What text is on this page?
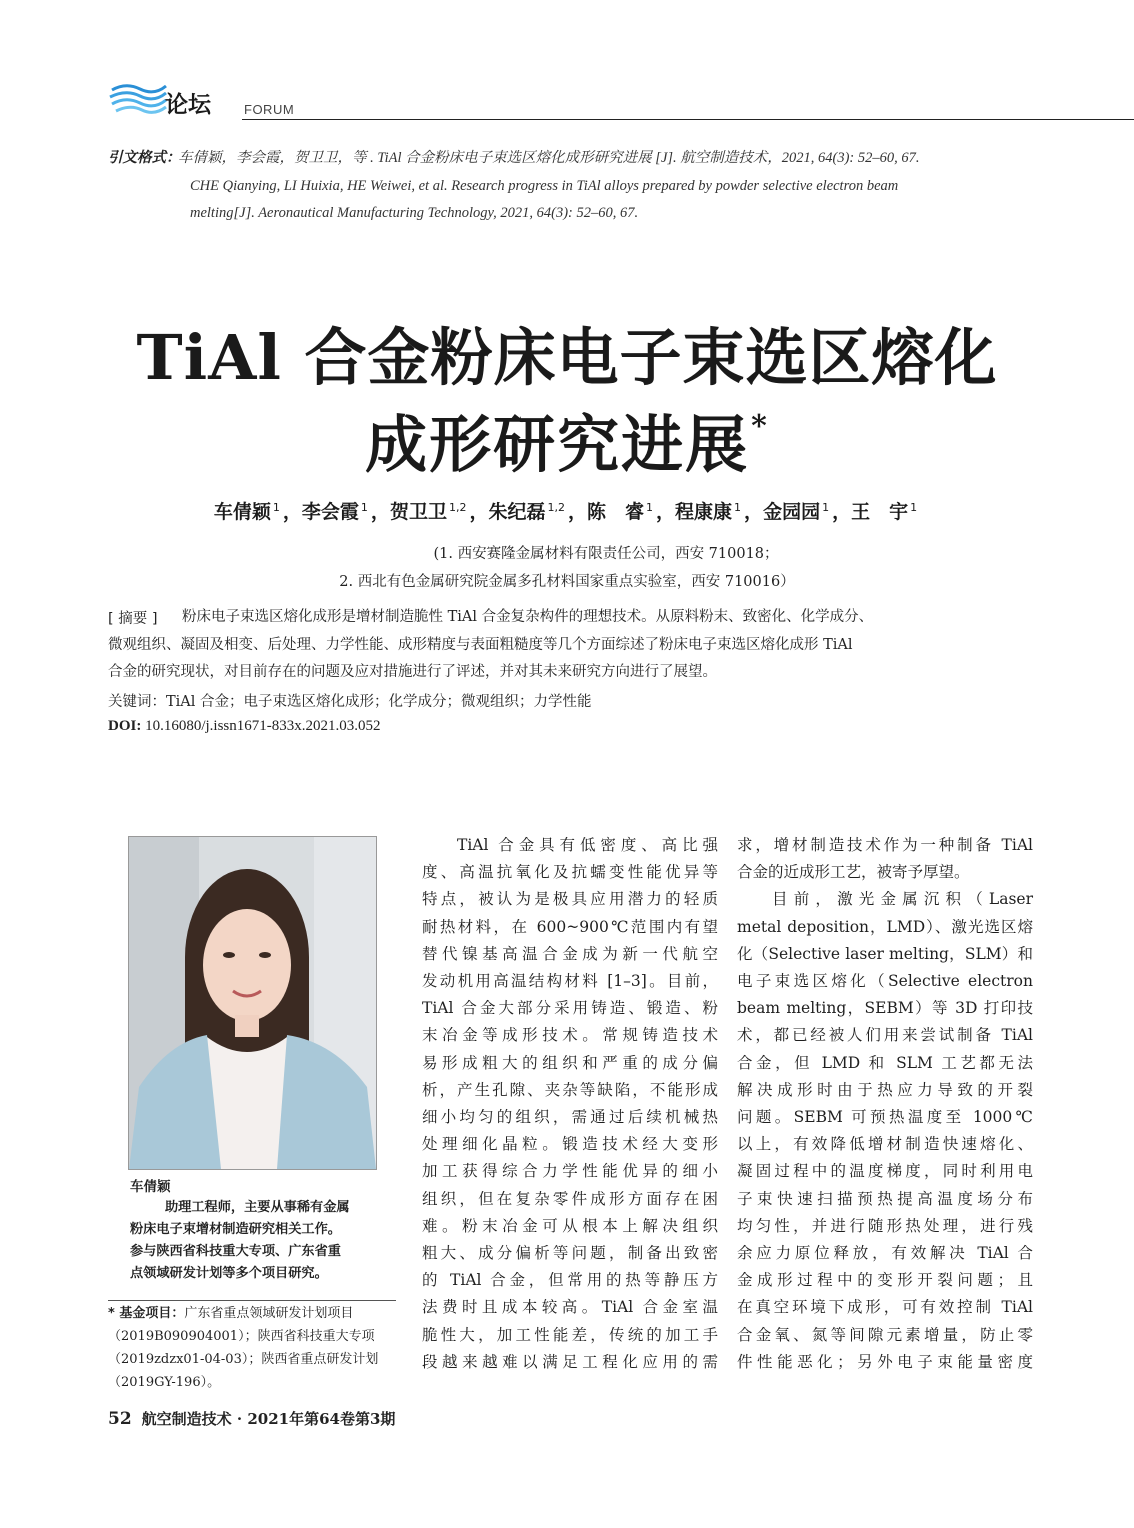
论坛	FORUM
引文格式：
车倩颖，李会霞，贺卫卫，等 . TiAl 合金粉床电子束选区熔化成形研究进展 [J]. 航空制造技术，2021, 64(3): 52–60, 67.
CHE Qianying, LI Huixia, HE Weiwei, et al. Research progress in TiAl alloys prepared by powder selective electron beam
melting[J]. Aeronautical Manufacturing Technology, 2021, 64(3): 52–60, 67.
TiAl 合金粉床电子束选区熔化
成形研究进展*
车倩颖 $^1$ ，李会霞 $^1$ ，贺卫卫 $^{1,2}$ ，朱纪磊 $^{1,2}$ ，陈　睿 $^1$ ，程康康 $^1$ ，金园园 $^1$ ，王　宇 $^1$
(1. 西安赛隆金属材料有限责任公司，西安 710018；
2. 西北有色金属研究院金属多孔材料国家重点实验室，西安 710016）
[ 摘要 ] 粉床电子束选区熔化成形是增材制造脆性 TiAl 合金复杂构件的理想技术。从原料粉末、致密化、化学成分、
微观组织、凝固及相变、后处理、力学性能、成形精度与表面粗糙度等几个方面综述了粉床电子束选区熔化成形 TiAl
合金的研究现状，对目前存在的问题及应对措施进行了评述，并对其未来研究方向进行了展望。
关键词：TiAl 合金；电子束选区熔化成形；化学成分；微观组织；力学性能
DOI: 10.16080/j.issn1671-833x.2021.03.052
车倩颖
助理工程师，主要从事稀有金属
粉床电子束增材制造研究相关工作。
参与陕西省科技重大专项、广东省重
点领域研发计划等多个项目研究。
* 基金项目：广东省重点领域研发计划项目
（2019B090904001）；陕西省科技重大专项
（2019zdzx01-04-03）；陕西省重点研发计划
（2019GY-196）。
TiAl 合金具有低密度、高比强
度、高温抗氧化及抗蠕变性能优异等
特点，被认为是极具应用潜力的轻质
耐热材料，在 600~900℃范围内有望
替代镍基高温合金成为新一代航空
发动机用高温结构材料 [1–3]。目前，
TiAl 合金大部分采用铸造、锻造、粉
末冶金等成形技术。常规铸造技术
易形成粗大的组织和严重的成分偏
析，产生孔隙、夹杂等缺陷，不能形成
细小均匀的组织，需通过后续机械热
处理细化晶粒。锻造技术经大变形
加工获得综合力学性能优异的细小
组织，但在复杂零件成形方面存在困
难。粉末冶金可从根本上解决组织
粗大、成分偏析等问题，制备出致密
的 TiAl 合金，但常用的热等静压方
法费时且成本较高。TiAl 合金室温
脆性大，加工性能差，传统的加工手
段越来越难以满足工程化应用的需
求，增材制造技术作为一种制备 TiAl
合金的近成形工艺，被寄予厚望。
目前，激光金属沉积（Laser
metal deposition，LMD）、激光选区熔
化（Selective laser melting，SLM）和
电子束选区熔化（Selective electron
beam melting，SEBM）等 3D 打印技
术，都已经被人们用来尝试制备 TiAl
合金，但 LMD 和 SLM 工艺都无法
解决成形时由于热应力导致的开裂
问题。SEBM 可预热温度至 1000℃
以上，有效降低增材制造快速熔化、
凝固过程中的温度梯度，同时利用电
子束快速扫描预热提高温度场分布
均匀性，并进行随形热处理，进行残
余应力原位释放，有效解决 TiAl 合
金成形过程中的变形开裂问题；且
在真空环境下成形，可有效控制 TiAl
合金氧、氮等间隙元素增量，防止零
件性能恶化；另外电子束能量密度
52 航空制造技术 · 2021年第64卷第3期
